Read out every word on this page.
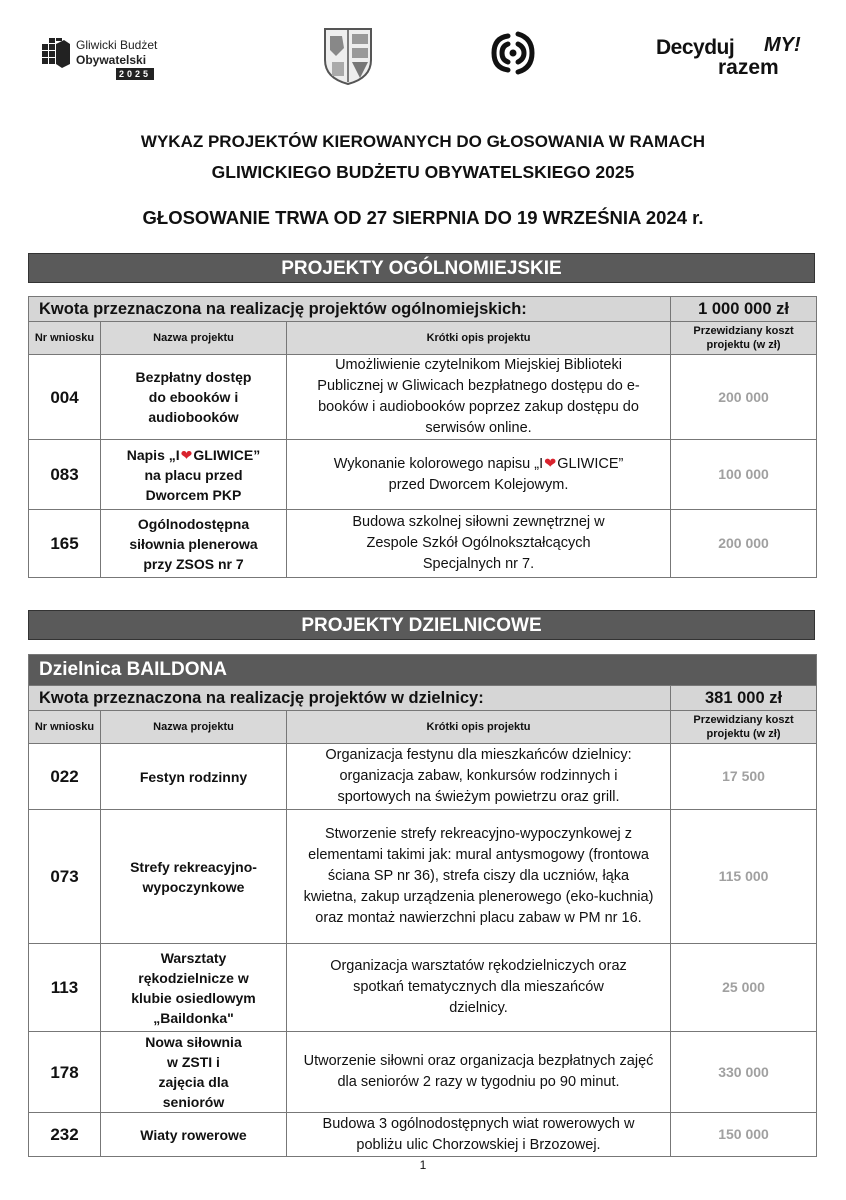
Gliwicki Budżet
Obywatelski
2025
Decyduj MY!
razem
WYKAZ PROJEKTÓW KIEROWANYCH DO GŁOSOWANIA W RAMACH
GLIWICKIEGO BUDŻETU OBYWATELSKIEGO 2025
GŁOSOWANIE TRWA OD 27 SIERPNIA DO 19 WRZEŚNIA 2024 r.
PROJEKTY OGÓLNOMIEJSKIE
Kwota przeznaczona na realizację projektów ogólnomiejskich:			1 000 000 zł
Nr wniosku	Nazwa projektu	Krótki opis projektu	Przewidziany koszt projektu (w zł)
004	Bezpłatny dostęp do ebooków i audiobooków	Umożliwienie czytelnikom Miejskiej Biblioteki Publicznej w Gliwicach bezpłatnego dostępu do e-booków i audiobooków poprzez zakup dostępu do serwisów online.	200 000
083	Napis „I❤GLIWICE” na placu przed Dworcem PKP	Wykonanie kolorowego napisu „I❤GLIWICE” przed Dworcem Kolejowym.	100 000
165	Ogólnodostępna siłownia plenerowa przy ZSOS nr 7	Budowa szkolnej siłowni zewnętrznej w Zespole Szkół Ogólnokształcących Specjalnych nr 7.	200 000
PROJEKTY DZIELNICOWE
Dzielnica BAILDONA			
Kwota przeznaczona na realizację projektów w dzielnicy:			381 000 zł
Nr wniosku	Nazwa projektu	Krótki opis projektu	Przewidziany koszt projektu (w zł)
022	Festyn rodzinny	Organizacja festynu dla mieszkańców dzielnicy: organizacja zabaw, konkursów rodzinnych i sportowych na świeżym powietrzu oraz grill.	17 500
073	Strefy rekreacyjno-wypoczynkowe	Stworzenie strefy rekreacyjno-wypoczynkowej z elementami takimi jak: mural antysmogowy (frontowa ściana SP nr 36), strefa ciszy dla uczniów, łąka kwietna, zakup urządzenia plenerowego (eko-kuchnia) oraz montaż nawierzchni placu zabaw w PM nr 16.	115 000
113	Warsztaty rękodzielnicze w klubie osiedlowym „Baildonka"	Organizacja warsztatów rękodzielniczych oraz spotkań tematycznych dla mieszańców dzielnicy.	25 000
178	Nowa siłownia w ZSTI i zajęcia dla seniorów	Utworzenie siłowni oraz organizacja bezpłatnych zajęć dla seniorów 2 razy w tygodniu po 90 minut.	330 000
232	Wiaty rowerowe	Budowa 3 ogólnodostępnych wiat rowerowych w pobliżu ulic Chorzowskiej i Brzozowej.	150 000
1
